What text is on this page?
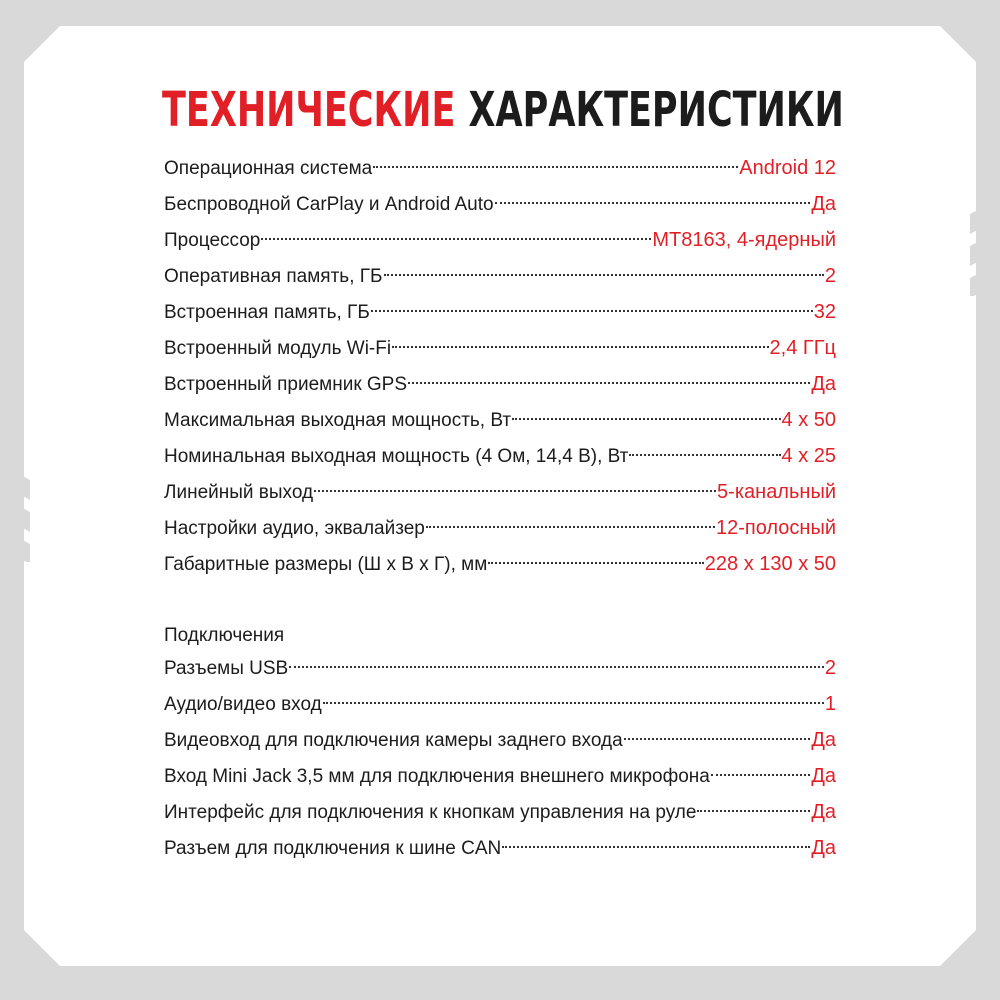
ТЕХНИЧЕСКИЕ ХАРАКТЕРИСТИКИ
Операционная система	Android 12
Беспроводной CarPlay и Android Auto	Да
Процессор	MT8163, 4-ядерный
Оперативная память, ГБ	2
Встроенная память, ГБ	32
Встроенный модуль Wi-Fi	2,4 ГГц
Встроенный приемник GPS	Да
Максимальная выходная мощность, Вт	4 х 50
Номинальная выходная мощность (4 Ом, 14,4 В), Вт	4 х 25
Линейный выход	5-канальный
Настройки аудио, эквалайзер	12-полосный
Габаритные размеры (Ш х В х Г), мм	228 х 130 х 50
Подключения
Разъемы USB	2
Аудио/видео вход	1
Видеовход для подключения камеры заднего входа	Да
Вход Mini Jack 3,5 мм для подключения внешнего микрофона	Да
Интерфейс для подключения к кнопкам управления на руле	Да
Разъем для подключения к шине CAN	Да
